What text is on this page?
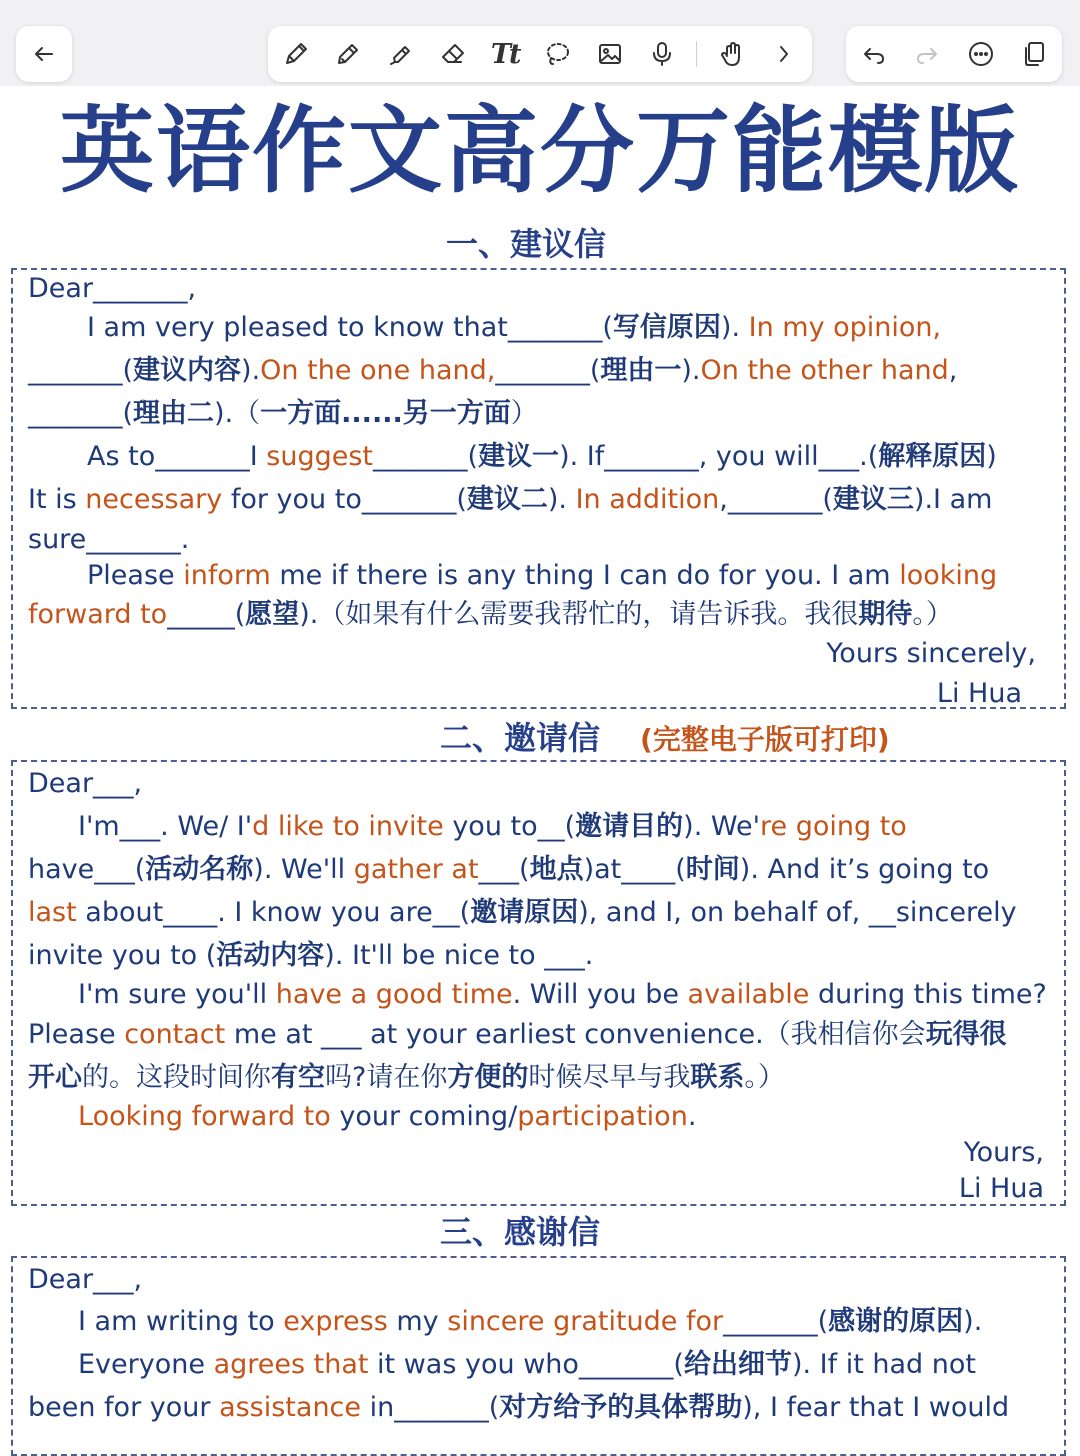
Tt
英语作文高分万能模版
一、建议信
Dear_______,
I am very pleased to know that_______(写信原因). In my opinion,
_______(建议内容).On the one hand,_______(理由一).On the other hand,
_______(理由二).（一方面......另一方面）
As to_______I suggest_______(建议一). If_______, you will___.(解释原因)
It is necessary for you to_______(建议二). In addition,_______(建议三).I am
sure_______.
Please inform me if there is any thing I can do for you. I am looking
forward to_____(愿望).（如果有什么需要我帮忙的，请告诉我。我很期待。）
Yours sincerely,
Li Hua
二、邀请信 (完整电子版可打印)
Dear___,
I'm___. We/ I'd like to invite you to__(邀请目的). We're going to
have___(活动名称). We'll gather at___(地点)at____(时间). And it’s going to
last about____. I know you are__(邀请原因), and I, on behalf of, __sincerely
invite you to (活动内容). It'll be nice to ___.
I'm sure you'll have a good time. Will you be available during this time?
Please contact me at ___ at your earliest convenience.（我相信你会玩得很
开心的。这段时间你有空吗?请在你方便的时候尽早与我联系。）
Looking forward to your coming/participation.
Yours,
Li Hua
三、感谢信
Dear___,
I am writing to express my sincere gratitude for_______(感谢的原因).
Everyone agrees that it was you who_______(给出细节). If it had not
been for your assistance in_______(对方给予的具体帮助), I fear that I would
